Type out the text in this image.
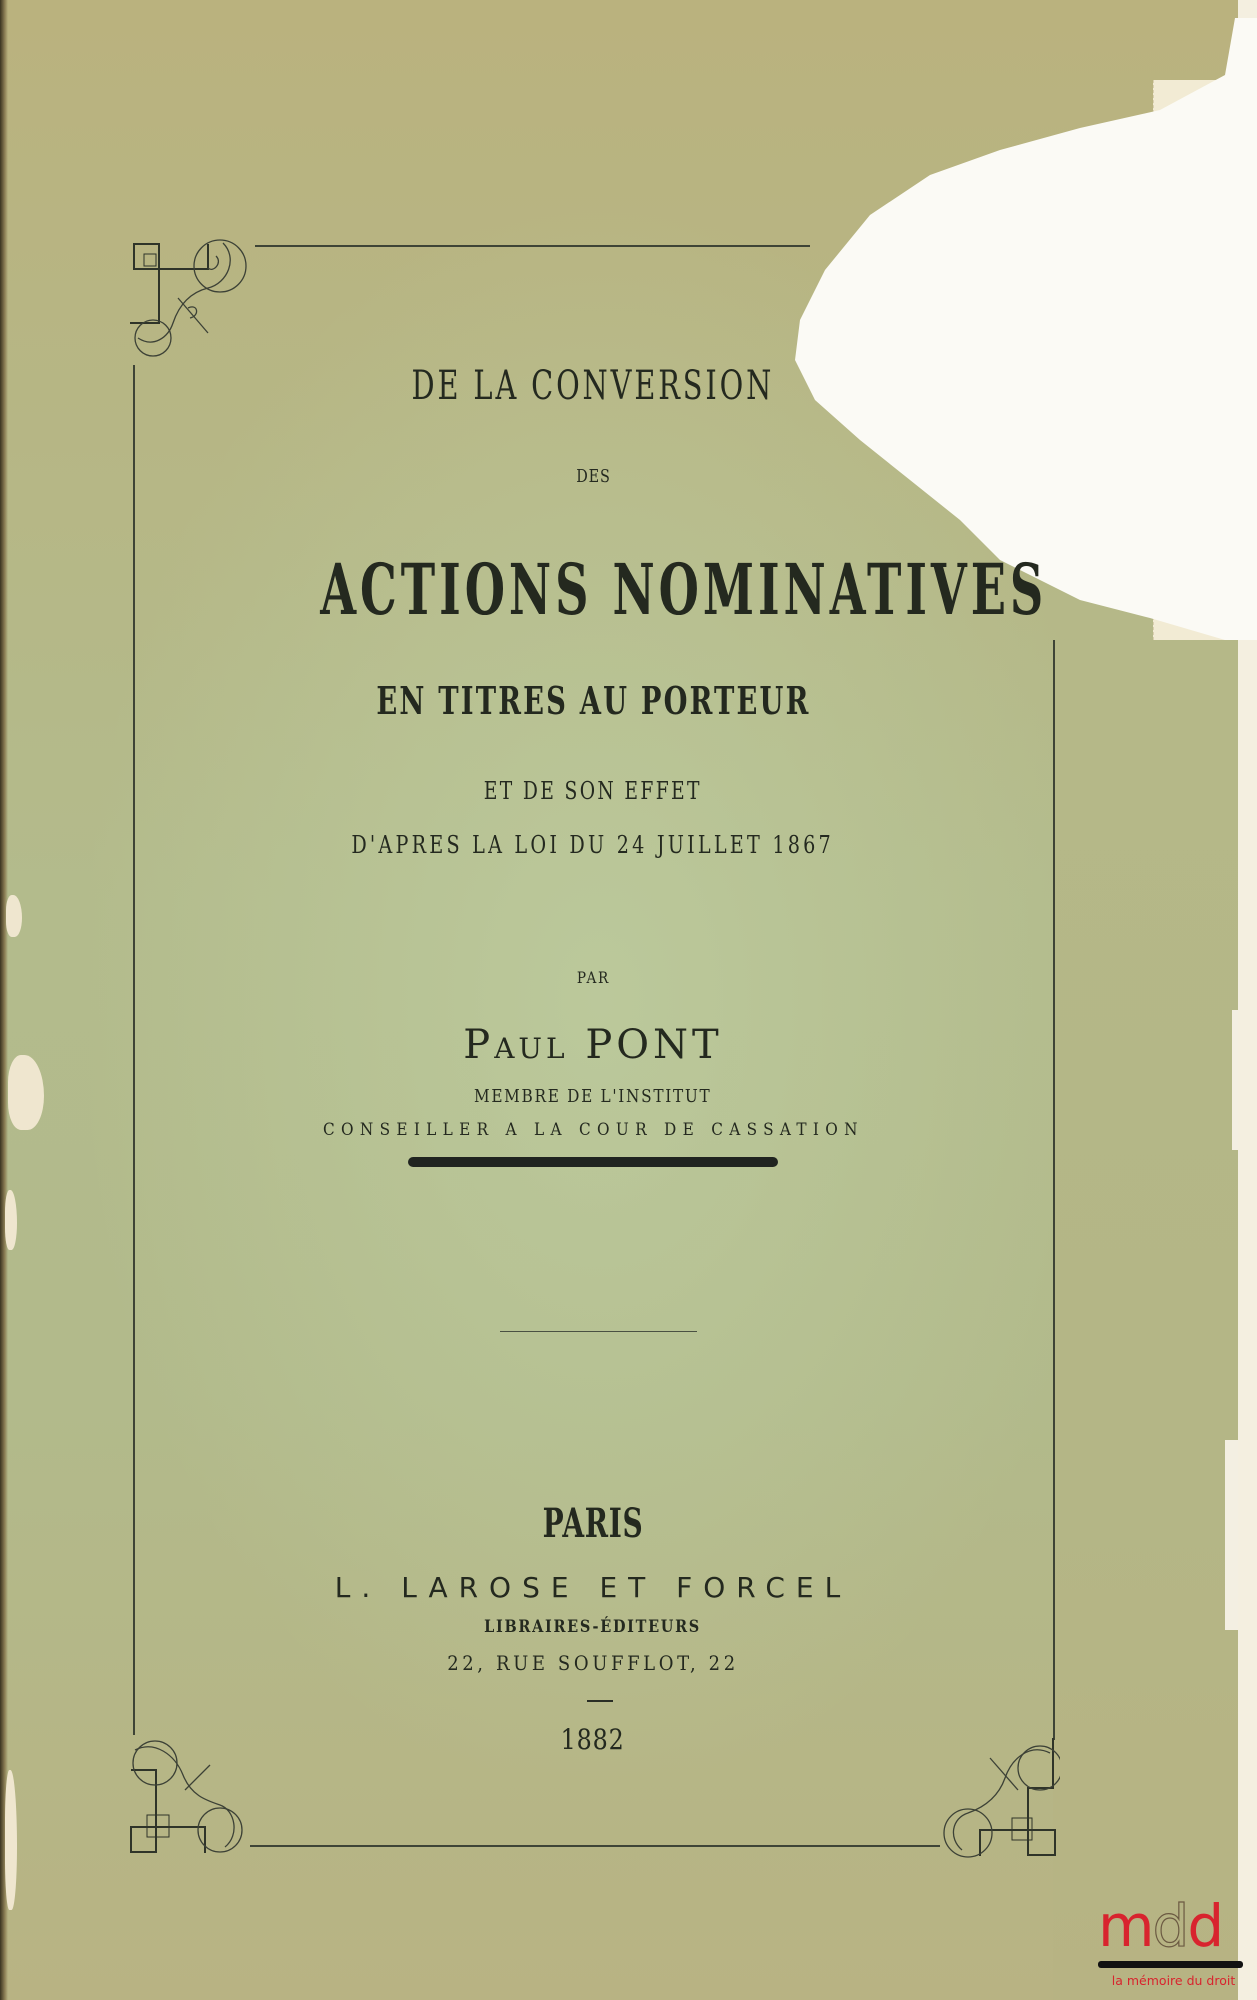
DE LA CONVERSION
DES
ACTIONS NOMINATIVES
EN TITRES AU PORTEUR
ET DE SON EFFET
D'APRES LA LOI DU 24 JUILLET 1867
PAR
Paul PONT
MEMBRE DE L'INSTITUT
CONSEILLER A LA COUR DE CASSATION
PARIS
L. LAROSE ET FORCEL
LIBRAIRES-ÉDITEURS
22, RUE SOUFFLOT, 22
1882
mdd
la mémoire du droit
